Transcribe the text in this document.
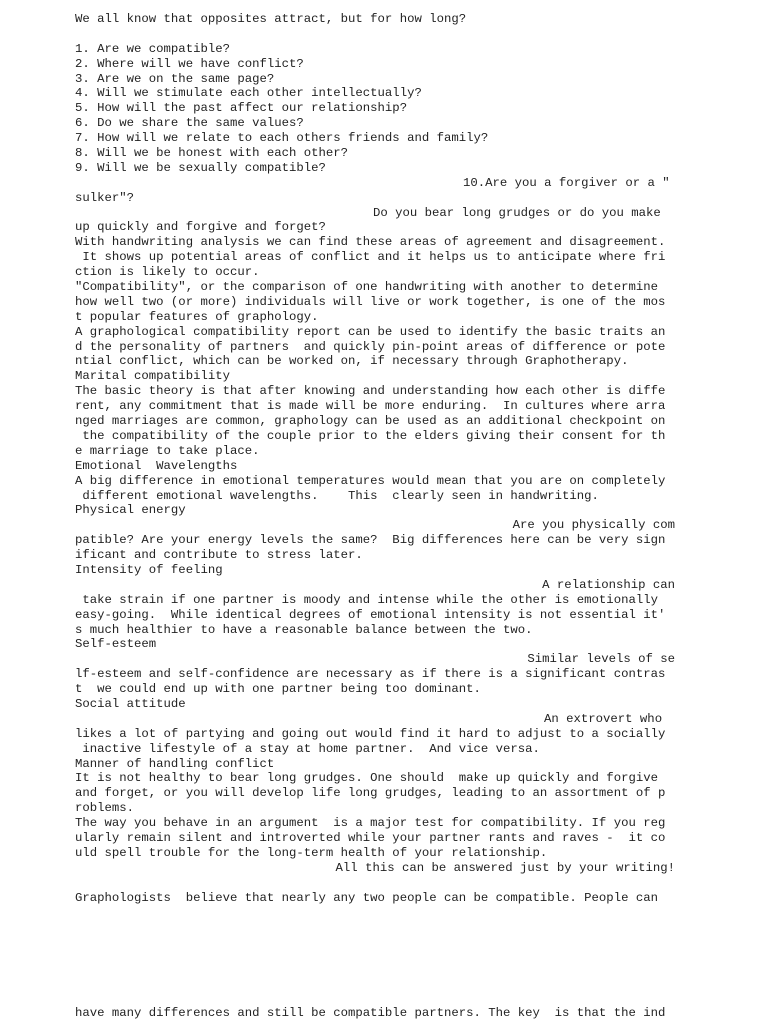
We all know that opposites attract, but for how long?
1. Are we compatible?
2. Where will we have conflict?
3. Are we on the same page?
4. Will we stimulate each other intellectually?
5. How will the past affect our relationship?
6. Do we share the same values?
7. How will we relate to each others friends and family?
8. Will we be honest with each other?
9. Will we be sexually compatible?
10.Are you a forgiver or a "
sulker"?
Do you bear long grudges or do you make
up quickly and forgive and forget?
With handwriting analysis we can find these areas of agreement and disagreement.
It shows up potential areas of conflict and it helps us to anticipate where fri
ction is likely to occur.
"Compatibility", or the comparison of one handwriting with another to determine
how well two (or more) individuals will live or work together, is one of the mos
t popular features of graphology.
A graphological compatibility report can be used to identify the basic traits an
d the personality of partners  and quickly pin-point areas of difference or pote
ntial conflict, which can be worked on, if necessary through Graphotherapy.
Marital compatibility
The basic theory is that after knowing and understanding how each other is diffe
rent, any commitment that is made will be more enduring.  In cultures where arra
nged marriages are common, graphology can be used as an additional checkpoint on
the compatibility of the couple prior to the elders giving their consent for th
e marriage to take place.
Emotional  Wavelengths
A big difference in emotional temperatures would mean that you are on completely
different emotional wavelengths.    This  clearly seen in handwriting.
Physical energy
Are you physically com
patible? Are your energy levels the same?  Big differences here can be very sign
ificant and contribute to stress later.
Intensity of feeling
A relationship can
take strain if one partner is moody and intense while the other is emotionally
easy-going.  While identical degrees of emotional intensity is not essential it'
s much healthier to have a reasonable balance between the two.
Self-esteem
Similar levels of se
lf-esteem and self-confidence are necessary as if there is a significant contras
t  we could end up with one partner being too dominant.
Social attitude
An extrovert who
likes a lot of partying and going out would find it hard to adjust to a socially
inactive lifestyle of a stay at home partner.  And vice versa.
Manner of handling conflict
It is not healthy to bear long grudges. One should  make up quickly and forgive
and forget, or you will develop life long grudges, leading to an assortment of p
roblems.
The way you behave in an argument  is a major test for compatibility. If you reg
ularly remain silent and introverted while your partner rants and raves -  it co
uld spell trouble for the long-term health of your relationship.
All this can be answered just by your writing!
Graphologists  believe that nearly any two people can be compatible. People can
have many differences and still be compatible partners. The key  is that the ind
